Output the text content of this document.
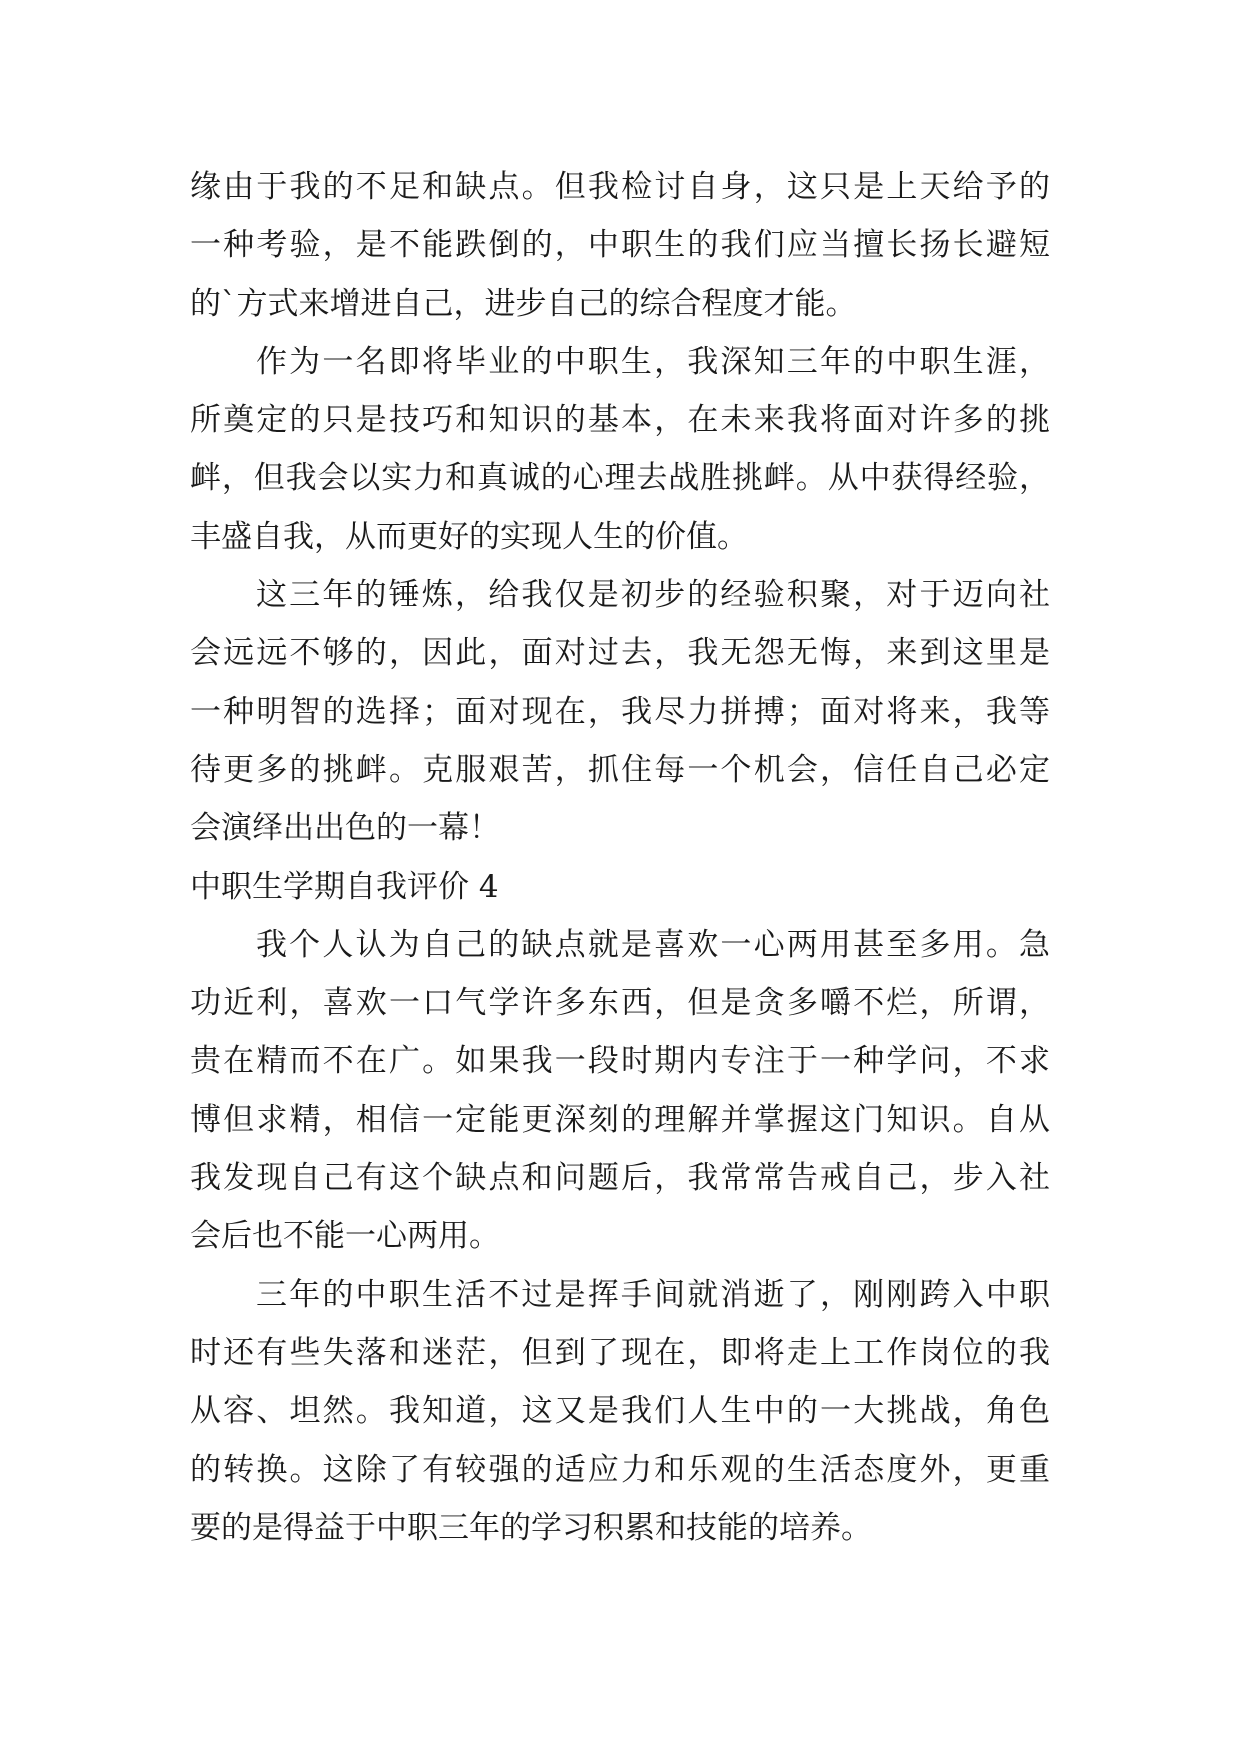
缘由于我的不足和缺点。但我检讨自身，这只是上天给予的
一种考验，是不能跌倒的，中职生的我们应当擅长扬长避短
的`方式来增进自己，进步自己的综合程度才能。
作为一名即将毕业的中职生，我深知三年的中职生涯，
所奠定的只是技巧和知识的基本，在未来我将面对许多的挑
衅，但我会以实力和真诚的心理去战胜挑衅。从中获得经验，
丰盛自我，从而更好的实现人生的价值。
这三年的锤炼，给我仅是初步的经验积聚，对于迈向社
会远远不够的，因此，面对过去，我无怨无悔，来到这里是
一种明智的选择；面对现在，我尽力拼搏；面对将来，我等
待更多的挑衅。克服艰苦，抓住每一个机会，信任自己必定
会演绎出出色的一幕！
中职生学期自我评价 4
我个人认为自己的缺点就是喜欢一心两用甚至多用。急
功近利，喜欢一口气学许多东西，但是贪多嚼不烂，所谓，
贵在精而不在广。如果我一段时期内专注于一种学问，不求
博但求精，相信一定能更深刻的理解并掌握这门知识。自从
我发现自己有这个缺点和问题后，我常常告戒自己，步入社
会后也不能一心两用。
三年的中职生活不过是挥手间就消逝了，刚刚跨入中职
时还有些失落和迷茫，但到了现在，即将走上工作岗位的我
从容、坦然。我知道，这又是我们人生中的一大挑战，角色
的转换。这除了有较强的适应力和乐观的生活态度外，更重
要的是得益于中职三年的学习积累和技能的培养。
